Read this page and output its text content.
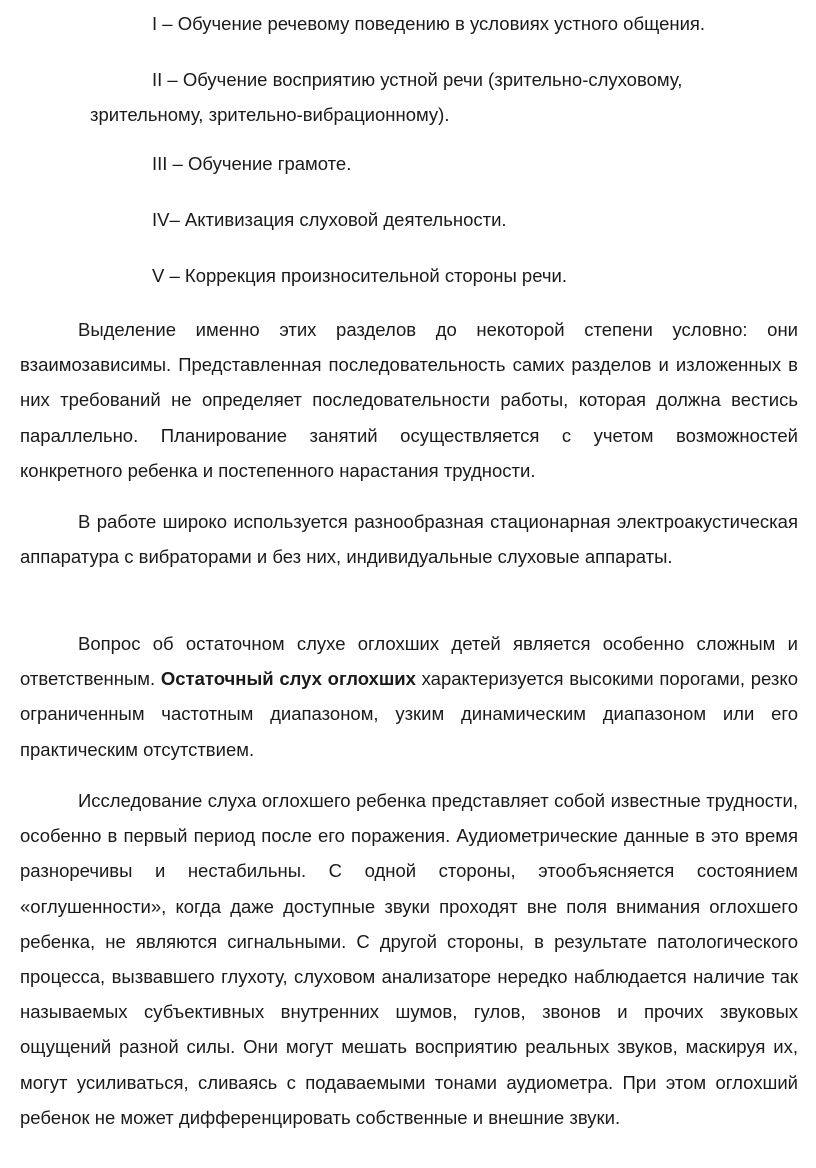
I – Обучение речевому поведению в условиях устного общения.

II – Обучение восприятию устной речи (зрительно-слуховому, зрительному, зрительно-вибрационному).

III – Обучение грамоте.

IV– Активизация слуховой деятельности.

V – Коррекция произносительной стороны речи.

Выделение именно этих разделов до некоторой степени условно: они взаимозависимы. Представленная последовательность самих разделов и изложенных в них требований не определяет последовательности работы, которая должна вестись параллельно. Планирование занятий осуществляется с учетом возможностей конкретного ребенка и постепенного нарастания трудности.

В работе широко используется разнообразная стационарная электроакустическая аппаратура с вибраторами и без них, индивидуальные слуховые аппараты.

Вопрос об остаточном слухе оглохших детей является особенно сложным и ответственным. Остаточный слух оглохших характеризуется высокими порогами, резко ограниченным частотным диапазоном, узким динамическим диапазоном или его практическим отсутствием.

Исследование слуха оглохшего ребенка представляет собой известные трудности, особенно в первый период после его поражения. Аудиометрические данные в это время разноречивы и нестабильны. С одной стороны, этообъясняется состоянием «оглушенности», когда даже доступные звуки проходят вне поля внимания оглохшего ребенка, не являются сигнальными. С другой стороны, в результате патологического процесса, вызвавшего глухоту, слуховом анализаторе нередко наблюдается наличие так называемых субъективных внутренних шумов, гулов, звонов и прочих звуковых ощущений разной силы. Они могут мешать восприятию реальных звуков, маскируя их, могут усиливаться, сливаясь с подаваемыми тонами аудиометра. При этом оглохший ребенок не может дифференцировать собственные и внешние звуки.
